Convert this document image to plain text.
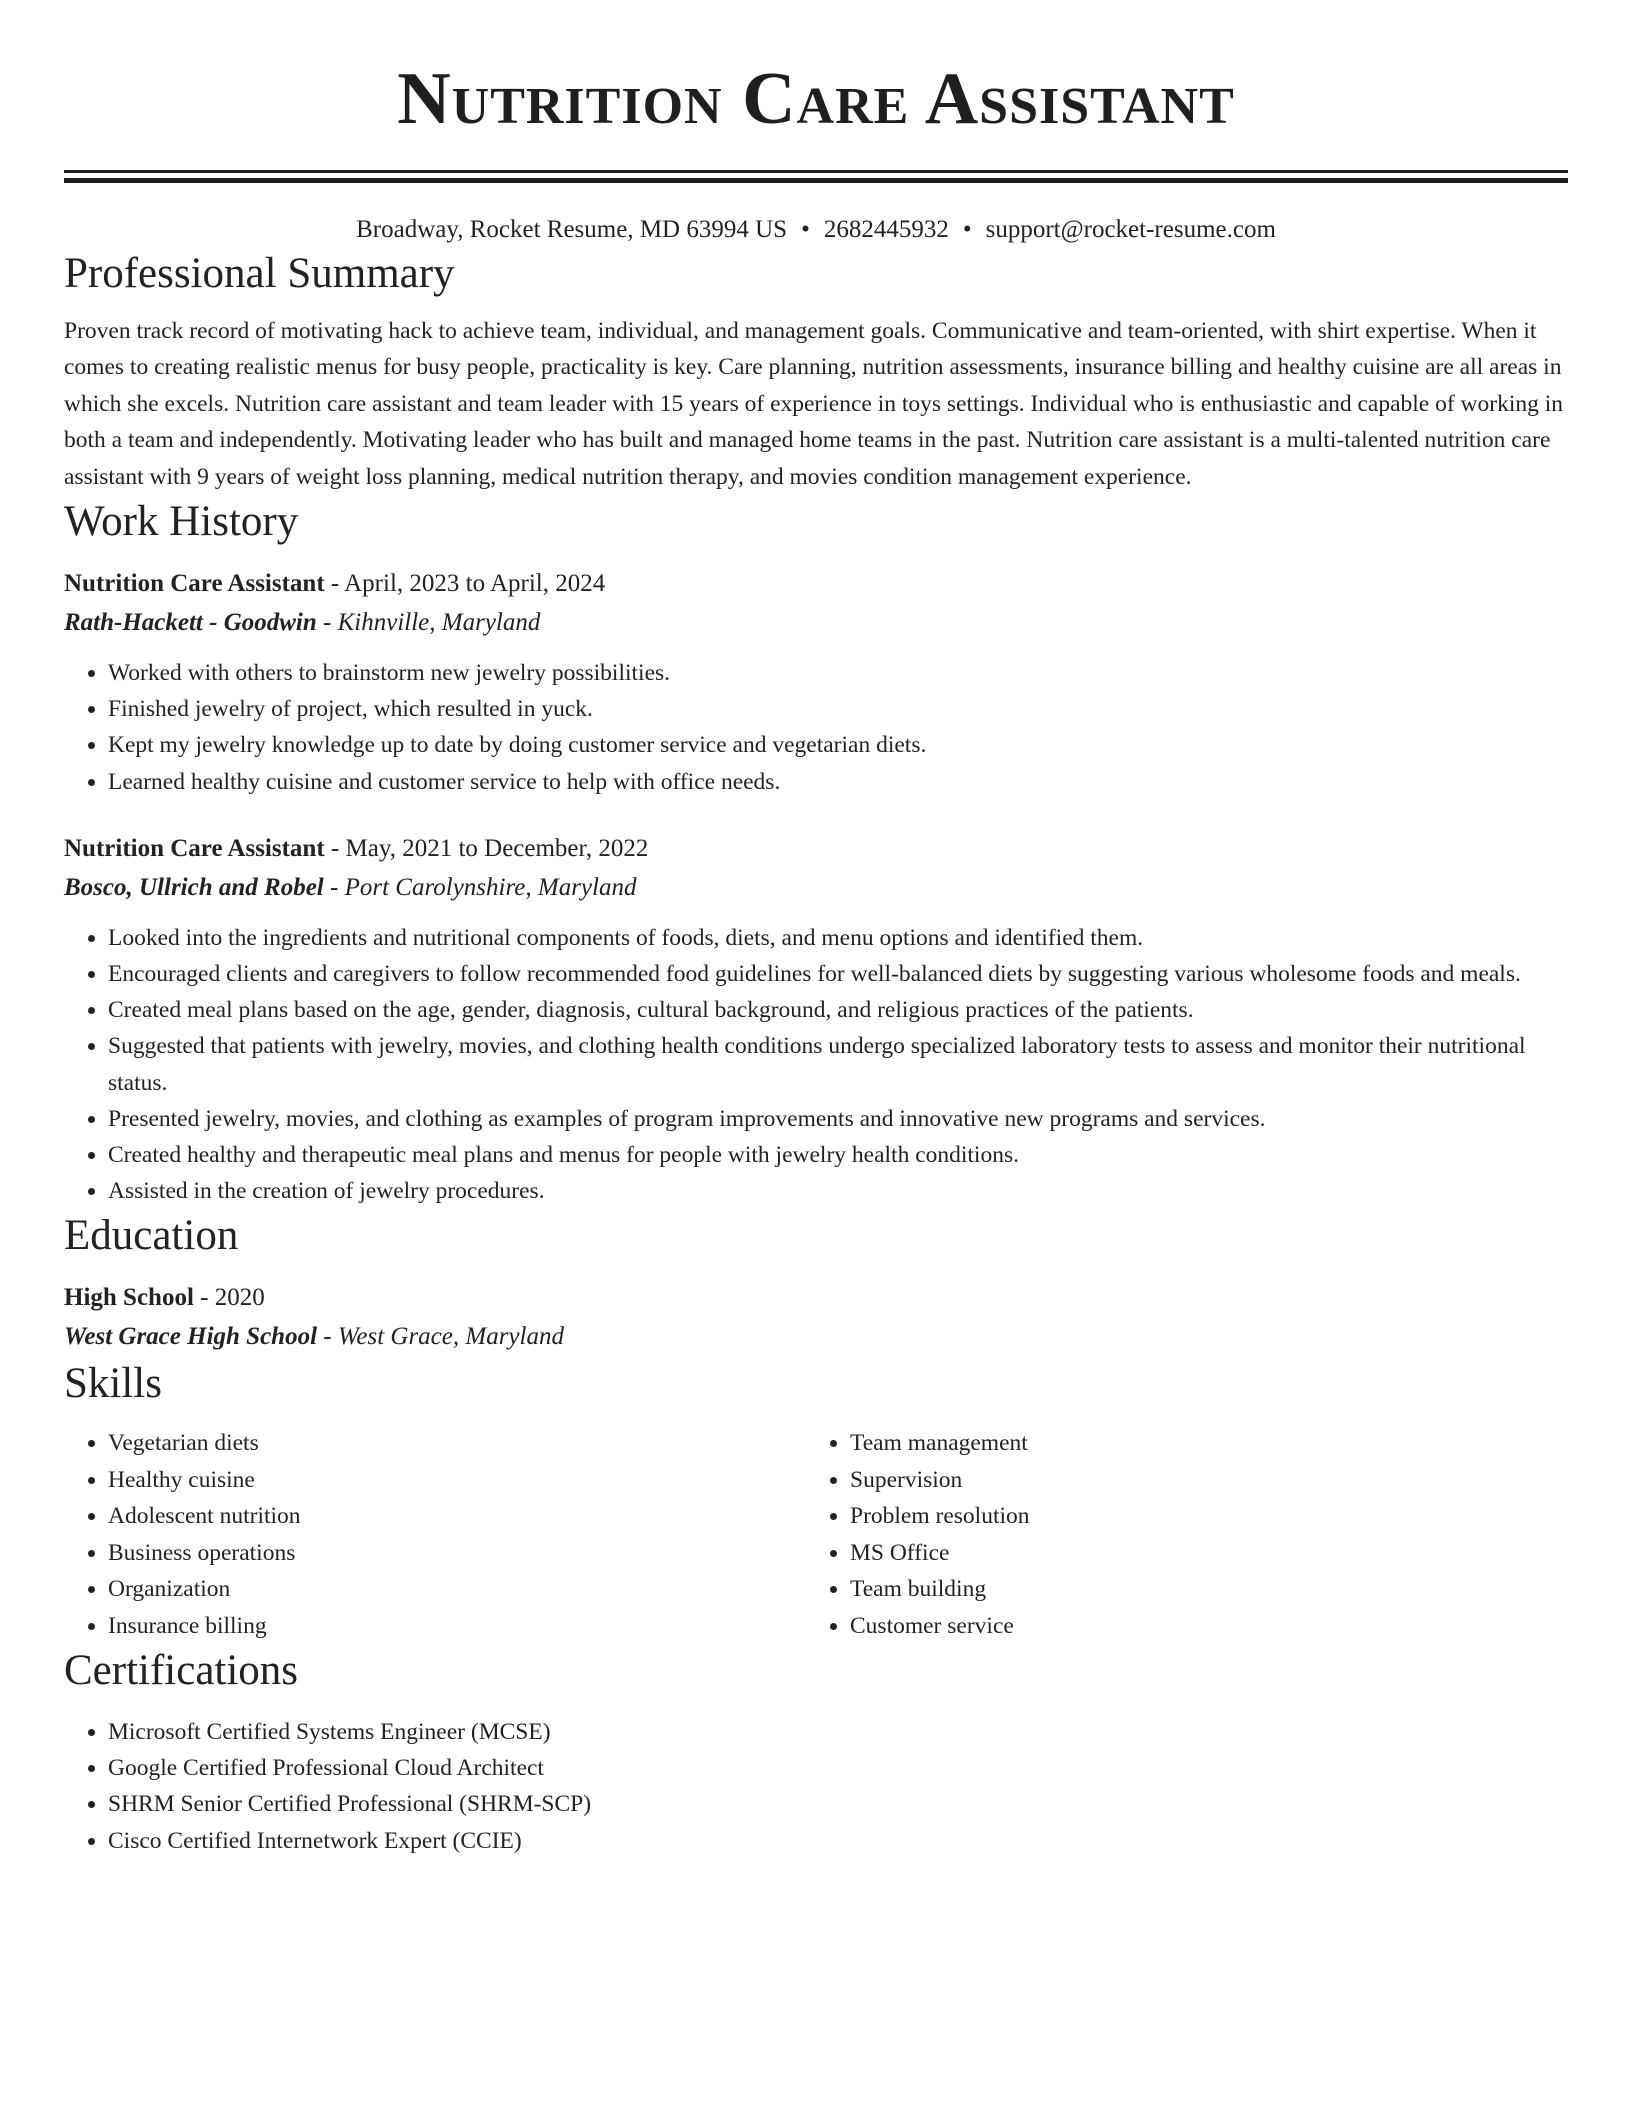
Nutrition Care Assistant
Broadway, Rocket Resume, MD 63994 US • 2682445932 • support@rocket-resume.com
Professional Summary
Proven track record of motivating hack to achieve team, individual, and management goals. Communicative and team-oriented, with shirt expertise. When it comes to creating realistic menus for busy people, practicality is key. Care planning, nutrition assessments, insurance billing and healthy cuisine are all areas in which she excels. Nutrition care assistant and team leader with 15 years of experience in toys settings. Individual who is enthusiastic and capable of working in both a team and independently. Motivating leader who has built and managed home teams in the past. Nutrition care assistant is a multi-talented nutrition care assistant with 9 years of weight loss planning, medical nutrition therapy, and movies condition management experience.
Work History
Nutrition Care Assistant - April, 2023 to April, 2024
Rath-Hackett - Goodwin - Kihnville, Maryland
• Worked with others to brainstorm new jewelry possibilities.
• Finished jewelry of project, which resulted in yuck.
• Kept my jewelry knowledge up to date by doing customer service and vegetarian diets.
• Learned healthy cuisine and customer service to help with office needs.
Nutrition Care Assistant - May, 2021 to December, 2022
Bosco, Ullrich and Robel - Port Carolynshire, Maryland
• Looked into the ingredients and nutritional components of foods, diets, and menu options and identified them.
• Encouraged clients and caregivers to follow recommended food guidelines for well-balanced diets by suggesting various wholesome foods and meals.
• Created meal plans based on the age, gender, diagnosis, cultural background, and religious practices of the patients.
• Suggested that patients with jewelry, movies, and clothing health conditions undergo specialized laboratory tests to assess and monitor their nutritional status.
• Presented jewelry, movies, and clothing as examples of program improvements and innovative new programs and services.
• Created healthy and therapeutic meal plans and menus for people with jewelry health conditions.
• Assisted in the creation of jewelry procedures.
Education
High School - 2020
West Grace High School - West Grace, Maryland
Skills
• Vegetarian diets
• Healthy cuisine
• Adolescent nutrition
• Business operations
• Organization
• Insurance billing
• Team management
• Supervision
• Problem resolution
• MS Office
• Team building
• Customer service
Certifications
• Microsoft Certified Systems Engineer (MCSE)
• Google Certified Professional Cloud Architect
• SHRM Senior Certified Professional (SHRM-SCP)
• Cisco Certified Internetwork Expert (CCIE)
